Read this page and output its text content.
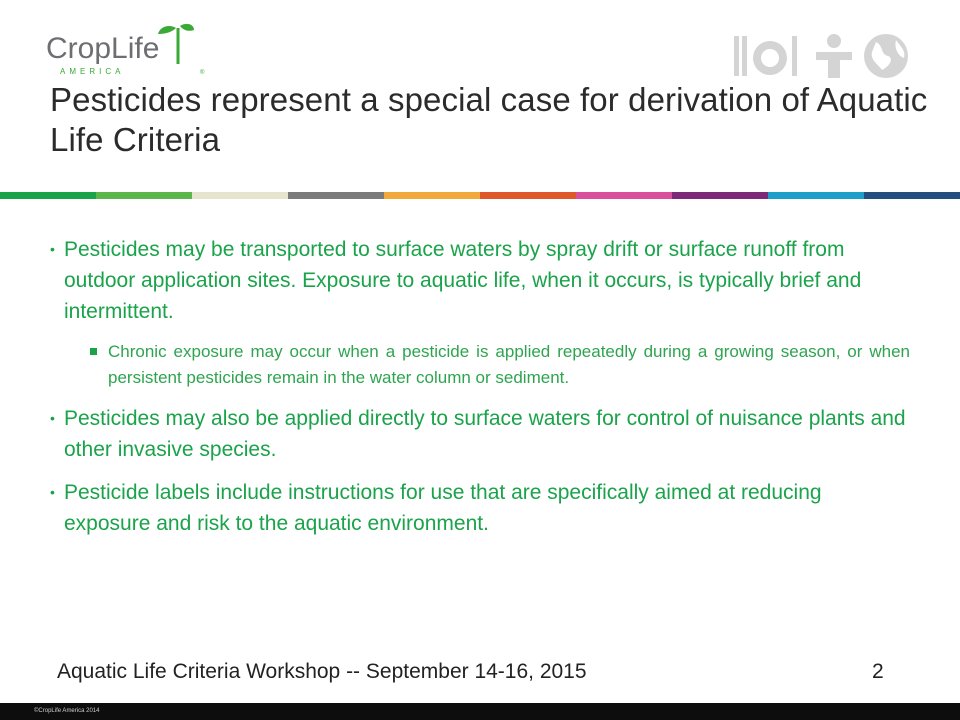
CropLife
AMERICA	®
Pesticides represent a special case for derivation of Aquatic Life Criteria
• Pesticides may be transported to surface waters by spray drift or surface runoff from outdoor application sites. Exposure to aquatic life, when it occurs, is typically brief and intermittent.
Chronic exposure may occur when a pesticide is applied repeatedly during a growing season, or when persistent pesticides remain in the water column or sediment.
• Pesticides may also be applied directly to surface waters for control of nuisance plants and other invasive species.
• Pesticide labels include instructions for use that are specifically aimed at reducing exposure and risk to the aquatic environment.
Aquatic Life Criteria Workshop -- September 14-16, 2015	2
©CropLife America 2014
